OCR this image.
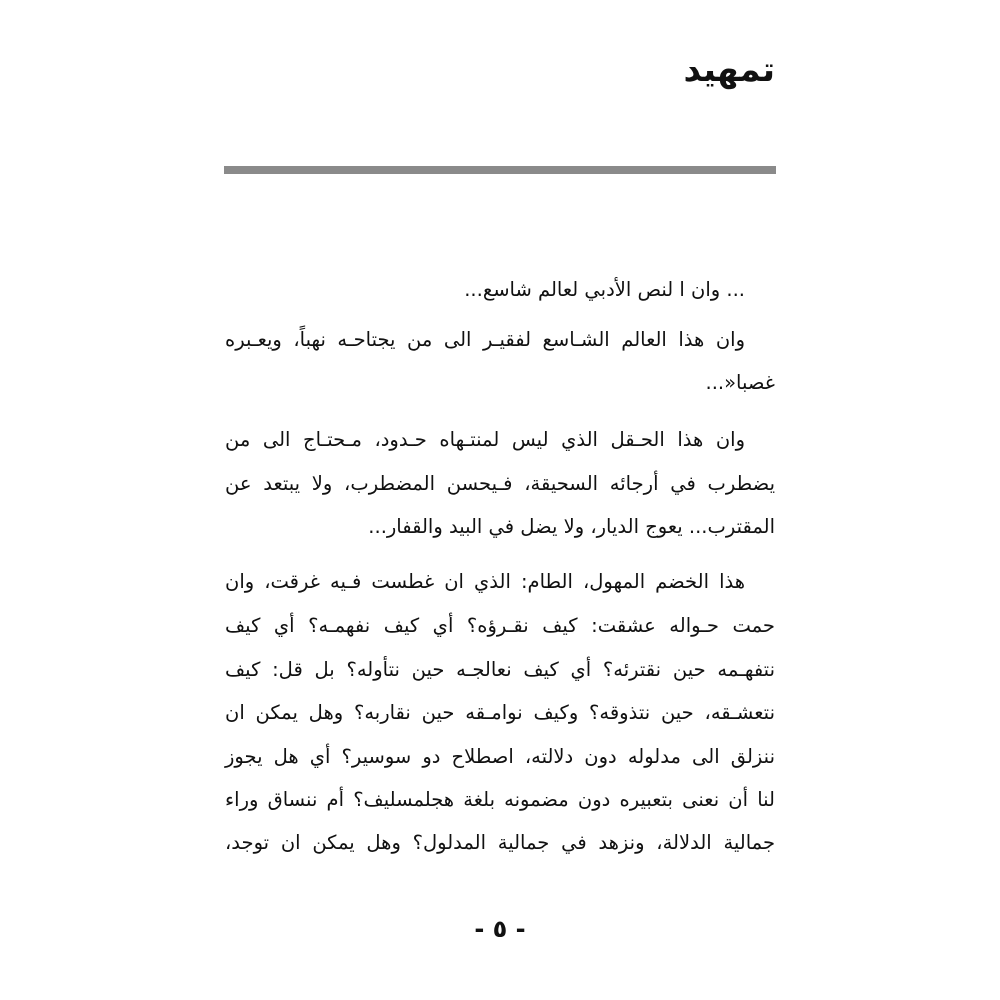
تمهيد
... وان ا لنص الأدبي لعالم شاسع...
وان هذا العالم الشـاسع لفقيـر الى من يجتاحـه نهباً، ويعـبره
غصبا«...
وان هذا الحـقل الذي ليس لمنتـهاه حـدود، مـحتـاج الى من
يضطرب في أرجائه السحيقة، فـيحسن المضطرب، ولا يبتعد عن
المقترب... يعوج الديار، ولا يضل في البيد والقفار...
هذا الخضم المهول، الطام: الذي ان غطست فـيه غرقت، وان
حمت حـواله عشقت: كيف نقـرؤه؟ أي كيف نفهمـه؟ أي كيف
نتفهـمه حين نقترئه؟ أي كيف نعالجـه حين نتأوله؟ بل قل: كيف
نتعشـقه، حين نتذوقه؟ وكيف نوامـقه حين نقاربه؟ وهل يمكن ان
ننزلق الى مدلوله دون دلالته، اصطلاح دو سوسير؟ أي هل يجوز
لنا أن نعنى بتعبيره دون مضمونه بلغة هجلمسليف؟ أم ننساق وراء
جمالية الدلالة، ونزهد في جمالية المدلول؟ وهل يمكن ان توجد،
- ٥ -
